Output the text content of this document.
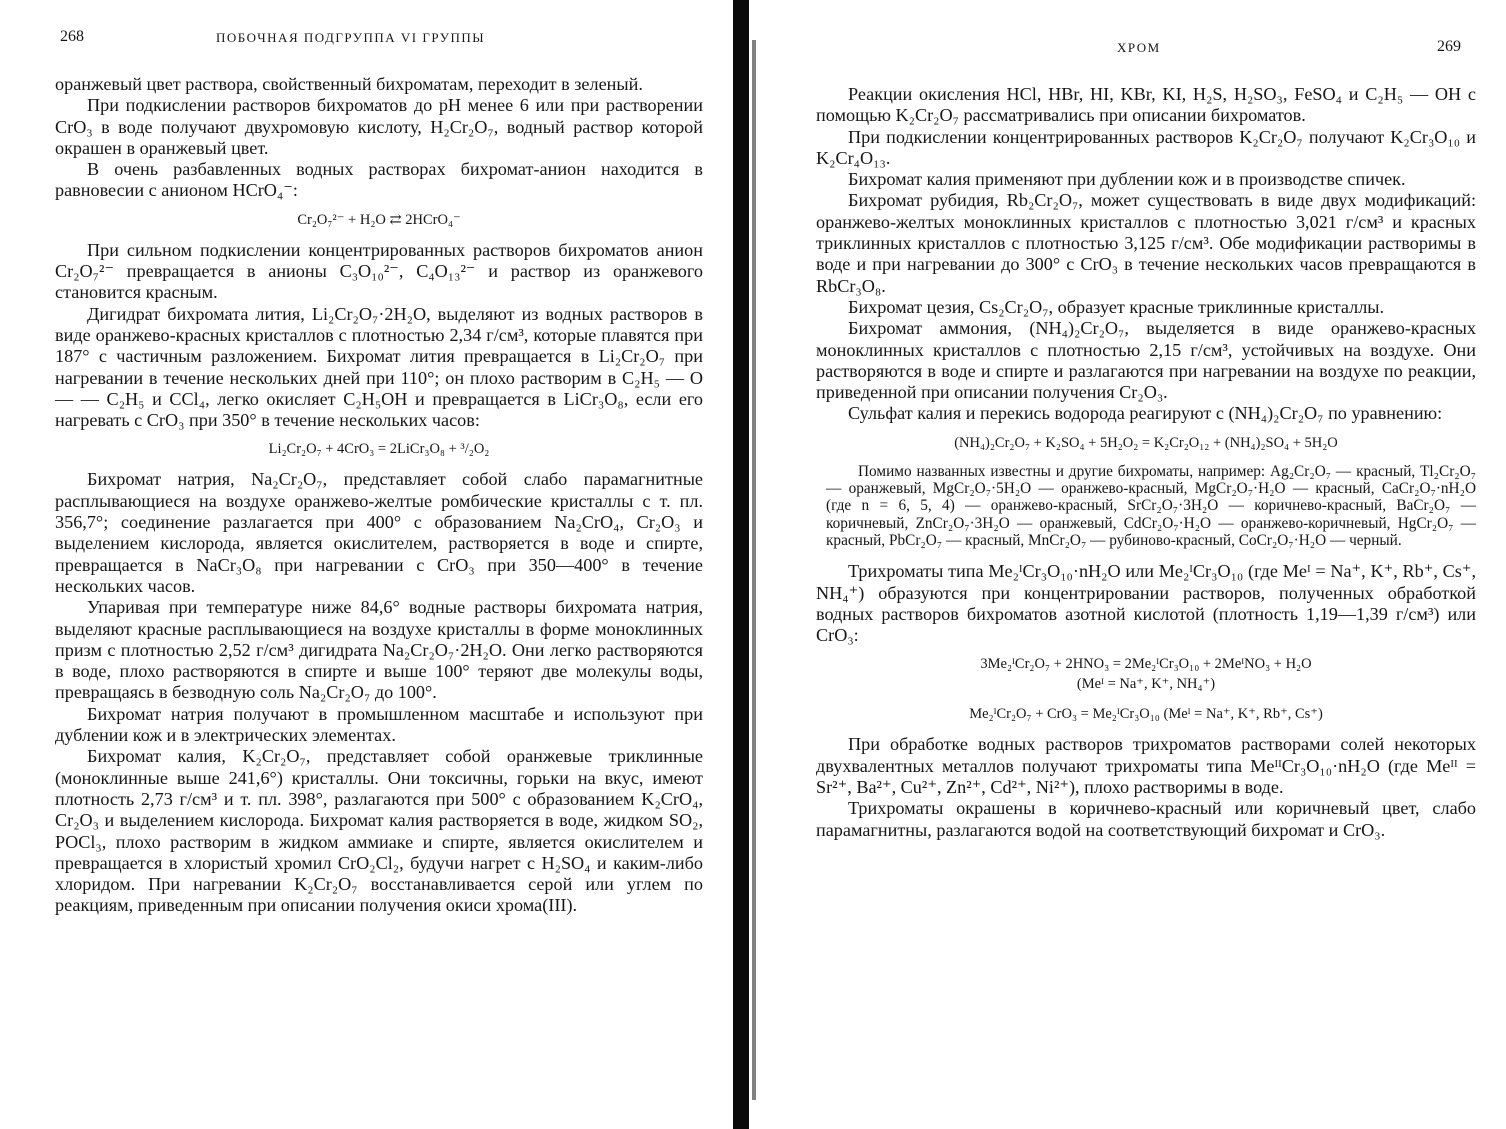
268	ПОБОЧНАЯ ПОДГРУППА VI ГРУППЫ

оранжевый цвет раствора, свойственный бихроматам, переходит в зеленый.

При подкислении растворов бихроматов до pH менее 6 или при растворении CrO₃ в воде получают двухромовую кислоту, H₂Cr₂O₇, водный раствор которой окрашен в оранжевый цвет.

В очень разбавленных водных растворах бихромат-анион находится в равновесии с анионом HCrO₄⁻:

Cr₂O₇²⁻ + H₂O ⇄ 2HCrO₄⁻

При сильном подкислении концентрированных растворов бихроматов анион Cr₂O₇²⁻ превращается в анионы C₃O₁₀²⁻, C₄O₁₃²⁻ и раствор из оранжевого становится красным.

Дигидрат бихромата лития, Li₂Cr₂O₇·2H₂O, выделяют из водных растворов в виде оранжево-красных кристаллов с плотностью 2,34 г/см³, которые плавятся при 187° с частичным разложением. Бихромат лития превращается в Li₂Cr₂O₇ при нагревании в течение нескольких дней при 110°; он плохо растворим в C₂H₅ — O — — C₂H₅ и CCl₄, легко окисляет C₂H₅OH и превращается в LiCr₃O₈, если его нагревать с CrO₃ при 350° в течение нескольких часов:

Li₂Cr₂O₇ + 4CrO₃ = 2LiCr₃O₈ + ³/₂O₂

Бихромат натрия, Na₂Cr₂O₇, представляет собой слабо парамагнитные расплывающиеся на воздухе оранжево-желтые ромбические кристаллы с т. пл. 356,7°; соединение разлагается при 400° с образованием Na₂CrO₄, Cr₂O₃ и выделением кислорода, является окислителем, растворяется в воде и спирте, превращается в NaCr₃O₈ при нагревании с CrO₃ при 350—400° в течение нескольких часов.

Упаривая при температуре ниже 84,6° водные растворы бихромата натрия, выделяют красные расплывающиеся на воздухе кристаллы в форме моноклинных призм с плотностью 2,52 г/см³ дигидрата Na₂Cr₂O₇·2H₂O. Они легко растворяются в воде, плохо растворяются в спирте и выше 100° теряют две молекулы воды, превращаясь в безводную соль Na₂Cr₂O₇ до 100°.

Бихромат натрия получают в промышленном масштабе и используют при дублении кож и в электрических элементах.

Бихромат калия, K₂Cr₂O₇, представляет собой оранжевые триклинные (моноклинные выше 241,6°) кристаллы. Они токсичны, горьки на вкус, имеют плотность 2,73 г/см³ и т. пл. 398°, разлагаются при 500° с образованием K₂CrO₄, Cr₂O₃ и выделением кислорода. Бихромат калия растворяется в воде, жидком SO₂, POCl₃, плохо растворим в жидком аммиаке и спирте, является окислителем и превращается в хлористый хромил CrO₂Cl₂, будучи нагрет с H₂SO₄ и каким-либо хлоридом. При нагревании K₂Cr₂O₇ восстанавливается серой или углем по реакциям, приведенным при описании получения окиси хрома(III).

ХРОМ	269

Реакции окисления HCl, HBr, HI, KBr, KI, H₂S, H₂SO₃, FeSO₄ и C₂H₅ — OH с помощью K₂Cr₂O₇ рассматривались при описании бихроматов.

При подкислении концентрированных растворов K₂Cr₂O₇ получают K₂Cr₃O₁₀ и K₂Cr₄O₁₃.

Бихромат калия применяют при дублении кож и в производстве спичек.

Бихромат рубидия, Rb₂Cr₂O₇, может существовать в виде двух модификаций: оранжево-желтых моноклинных кристаллов с плотностью 3,021 г/см³ и красных триклинных кристаллов с плотностью 3,125 г/см³. Обе модификации растворимы в воде и при нагревании до 300° с CrO₃ в течение нескольких часов превращаются в RbCr₃O₈.

Бихромат цезия, Cs₂Cr₂O₇, образует красные триклинные кристаллы.

Бихромат аммония, (NH₄)₂Cr₂O₇, выделяется в виде оранжево-красных моноклинных кристаллов с плотностью 2,15 г/см³, устойчивых на воздухе. Они растворяются в воде и спирте и разлагаются при нагревании на воздухе по реакции, приведенной при описании получения Cr₂O₃.

Сульфат калия и перекись водорода реагируют с (NH₄)₂Cr₂O₇ по уравнению:

(NH₄)₂Cr₂O₇ + K₂SO₄ + 5H₂O₂ = K₂Cr₂O₁₂ + (NH₄)₂SO₄ + 5H₂O

Помимо названных известны и другие бихроматы, например: Ag₂Cr₂O₇ — красный, Tl₂Cr₂O₇ — оранжевый, MgCr₂O₇·5H₂O — оранжево-красный, MgCr₂O₇·H₂O — красный, CaCr₂O₇·nH₂O (где n = 6, 5, 4) — оранжево-красный, SrCr₂O₇·3H₂O — коричнево-красный, BaCr₂O₇ — коричневый, ZnCr₂O₇·3H₂O — оранжевый, CdCr₂O₇·H₂O — оранжево-коричневый, HgCr₂O₇ — красный, PbCr₂O₇ — красный, MnCr₂O₇ — рубиново-красный, CoCr₂O₇·H₂O — черный.

Трихроматы типа Me₂ᴵCr₃O₁₀·nH₂O или Me₂ᴵCr₃O₁₀ (где Meᴵ = Na⁺, K⁺, Rb⁺, Cs⁺, NH₄⁺) образуются при концентрировании растворов, полученных обработкой водных растворов бихроматов азотной кислотой (плотность 1,19—1,39 г/см³) или CrO₃:

3Me₂ᴵCr₂O₇ + 2HNO₃ = 2Me₂ᴵCr₃O₁₀ + 2MeᴵNO₃ + H₂O
(Meᴵ = Na⁺, K⁺, NH₄⁺)
Me₂ᴵCr₂O₇ + CrO₃ = Me₂ᴵCr₃O₁₀ (Meᴵ = Na⁺, K⁺, Rb⁺, Cs⁺)

При обработке водных растворов трихроматов растворами солей некоторых двухвалентных металлов получают трихроматы типа MeᴵᴵCr₃O₁₀·nH₂O (где Meᴵᴵ = Sr²⁺, Ba²⁺, Cu²⁺, Zn²⁺, Cd²⁺, Ni²⁺), плохо растворимы в воде.

Трихроматы окрашены в коричнево-красный или коричневый цвет, слабо парамагнитны, разлагаются водой на соответствующий бихромат и CrO₃.
